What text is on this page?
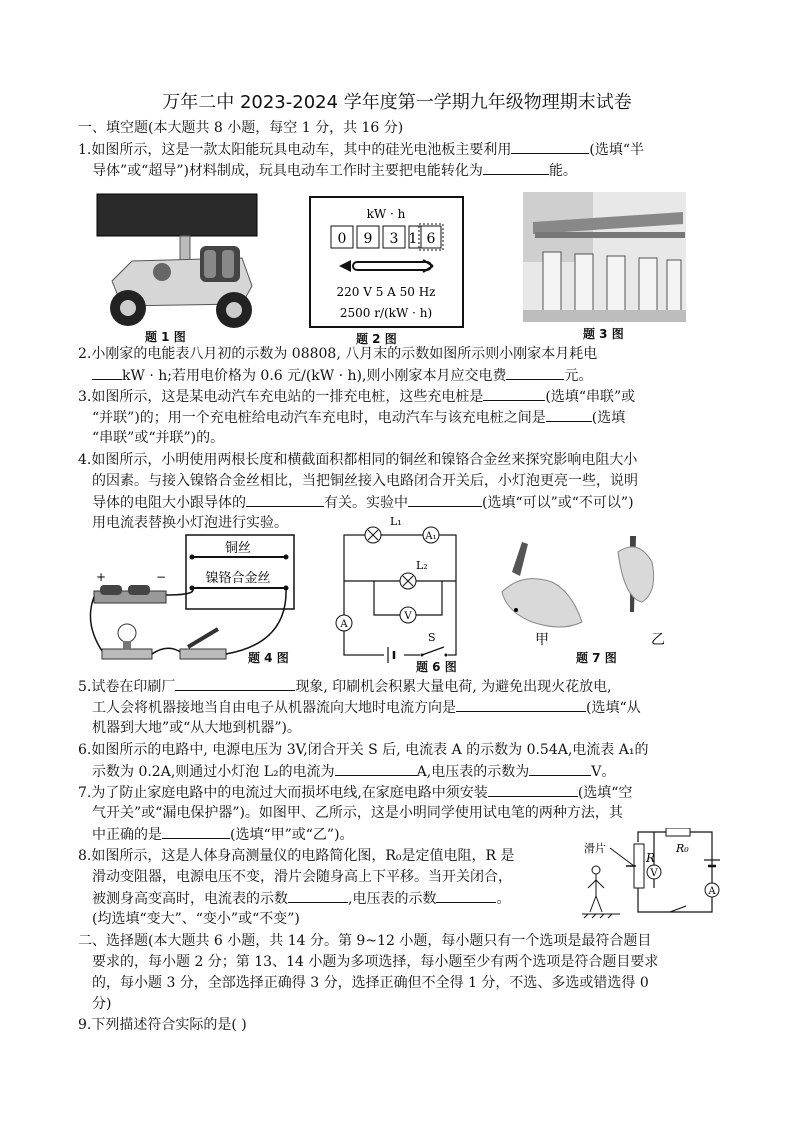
万年二中 2023-2024 学年度第一学期九年级物理期末试卷
一、填空题(本大题共 8 小题，每空 1 分，共 16 分)
1.如图所示，这是一款太阳能玩具电动车，其中的硅光电池板主要利用	(选填“半
导体”或“超导”)材料制成，玩具电动车工作时主要把电能转化为	能。
题 1 图
kW · h
0 9 3 1 6
220 V 5 A 50 Hz
2500 r/(kW · h)
题 2 图	题 3 图
2.小刚家的电能表八月初的示数为 08808, 八月末的示数如图所示则小刚家本月耗电
kW · h;若用电价格为 0.6 元/(kW · h),则小刚家本月应交电费	元。
3.如图所示，这是某电动汽车充电站的一排充电桩，这些充电桩是	(选填“串联”或
“并联”)的；用一个充电桩给电动汽车充电时，电动汽车与该充电桩之间是	(选填
“串联”或“并联”)的。
4.如图所示，小明使用两根长度和横截面积都相同的铜丝和镍铬合金丝来探究影响电阻大小
的因素。与接入镍铬合金丝相比，当把铜丝接入电路闭合开关后，小灯泡更亮一些，说明
导体的电阻大小跟导体的	有关。实验中	(选填“可以”或“不可以”)
用电流表替换小灯泡进行实验。
铜丝
镍铬合金丝
+	−
题 4 图
L₁
A₁
L₂
V
A
S
题 6 图
甲	乙
题 7 图
5.试卷在印刷厂	现象, 印刷机会积累大量电荷, 为避免出现火花放电,
工人会将机器接地当自由电子从机器流向大地时电流方向是	(选填“从
机器到大地”或“从大地到机器”)。
6.如图所示的电路中, 电源电压为 3V,闭合开关 S 后, 电流表 A 的示数为 0.54A,电流表 A₁的
示数为 0.2A,则通过小灯泡 L₂的电流为	A,电压表的示数为	V。
7.为了防止家庭电路中的电流过大而损坏电线,在家庭电路中须安装	(选填“空
气开关”或“漏电保护器”)。如图甲、乙所示，这是小明同学使用试电笔的两种方法，其
中正确的是	(选填“甲”或“乙”)。
8.如图所示，这是人体身高测量仪的电路简化图，R₀是定值电阻，R 是
滑动变阻器，电源电压不变，滑片会随身高上下平移。当开关闭合，
被测身高变高时，电流表的示数	,电压表的示数	。
(均选填“变大”、“变小”或“不变”)
R
R₀
V
A
滑片
二、选择题(本大题共 6 小题，共 14 分。第 9~12 小题，每小题只有一个选项是最符合题目
要求的，每小题 2 分；第 13、14 小题为多项选择，每小题至少有两个选项是符合题目要求
的，每小题 3 分，全部选择正确得 3 分，选择正确但不全得 1 分，不选、多选或错选得 0
分)
9.下列描述符合实际的是( )
